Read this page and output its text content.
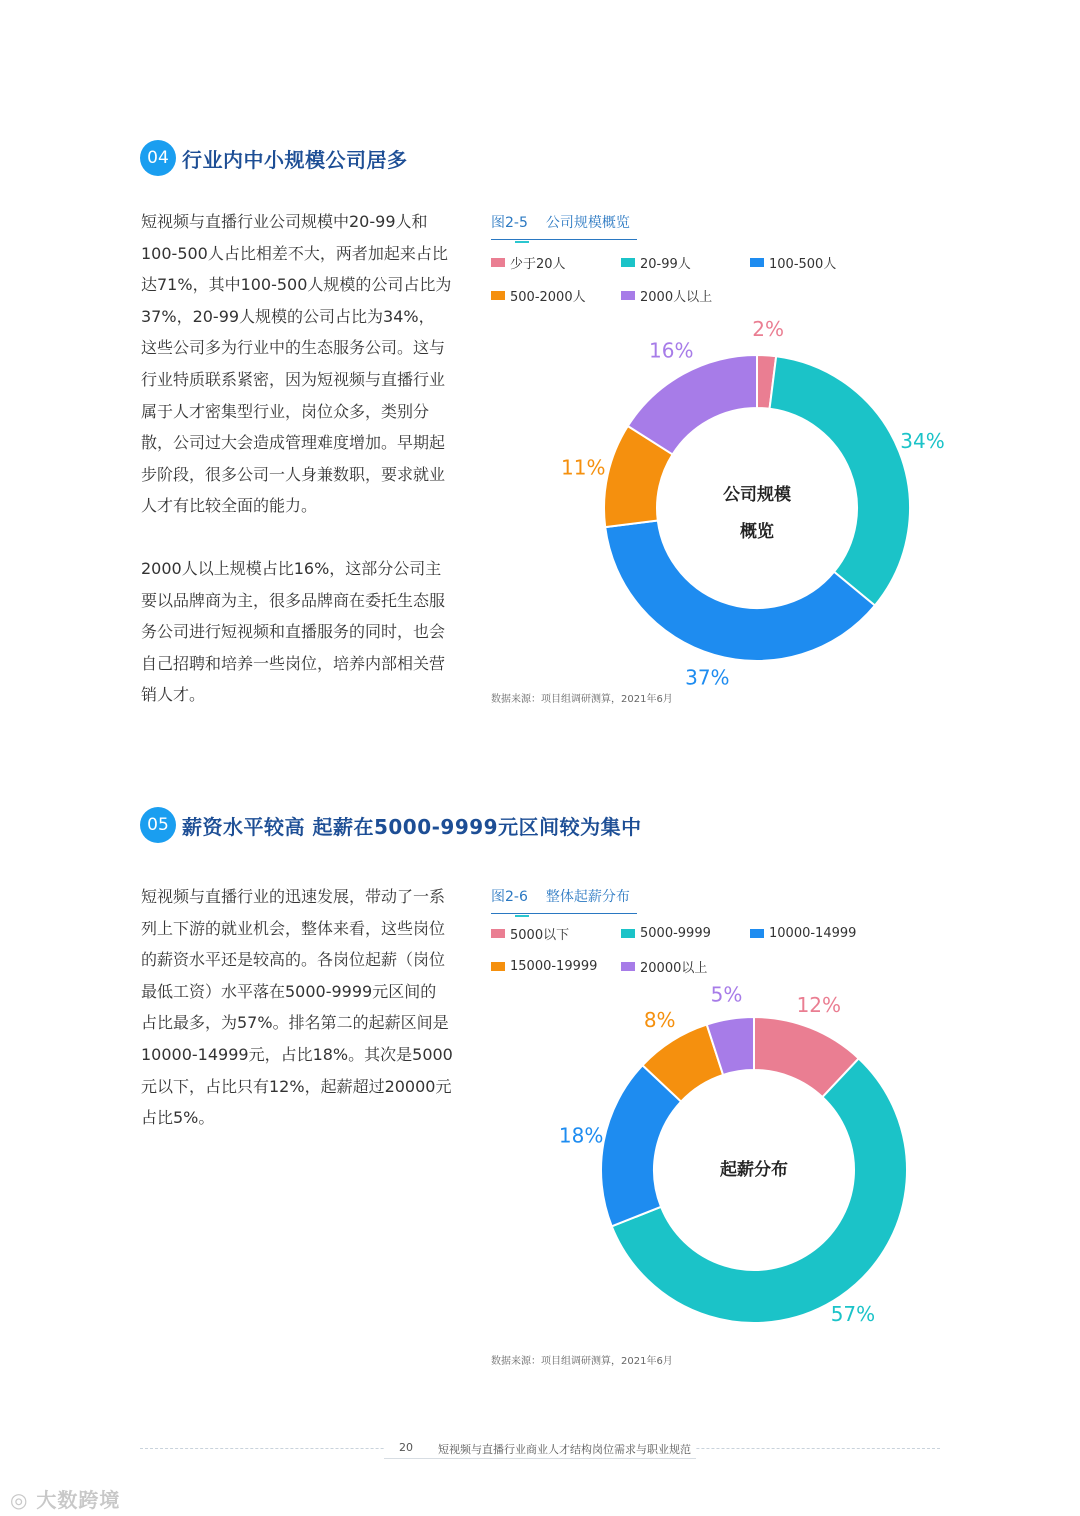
04 行业内中小规模公司居多
短视频与直播行业公司规模中20-99人和
100-500人占比相差不大，两者加起来占比
达71%，其中100-500人规模的公司占比为
37%，20-99人规模的公司占比为34%，
这些公司多为行业中的生态服务公司。这与
行业特质联系紧密，因为短视频与直播行业
属于人才密集型行业，岗位众多，类别分
散，公司过大会造成管理难度增加。早期起
步阶段，很多公司一人身兼数职，要求就业
人才有比较全面的能力。
2000人以上规模占比16%，这部分公司主
要以品牌商为主，很多品牌商在委托生态服
务公司进行短视频和直播服务的同时，也会
自己招聘和培养一些岗位，培养内部相关营
销人才。
图2-5 公司规模概览
少于20人	20-99人	100-500人
500-2000人	2000人以上
2%
34%
37%
11%
16%
公司规模
概览
数据来源：项目组调研测算，2021年6月
05 薪资水平较高 起薪在5000-9999元区间较为集中
短视频与直播行业的迅速发展，带动了一系
列上下游的就业机会，整体来看，这些岗位
的薪资水平还是较高的。各岗位起薪（岗位
最低工资）水平落在5000-9999元区间的
占比最多，为57%。排名第二的起薪区间是
10000-14999元，占比18%。其次是5000
元以下，占比只有12%，起薪超过20000元
占比5%。
图2-6 整体起薪分布
5000以下	5000-9999	10000-14999
15000-19999	20000以上
12%
57%
18%
8%
5%
起薪分布
数据来源：项目组调研测算，2021年6月
20 短视频与直播行业商业人才结构岗位需求与职业规范
◎ 大数跨境
